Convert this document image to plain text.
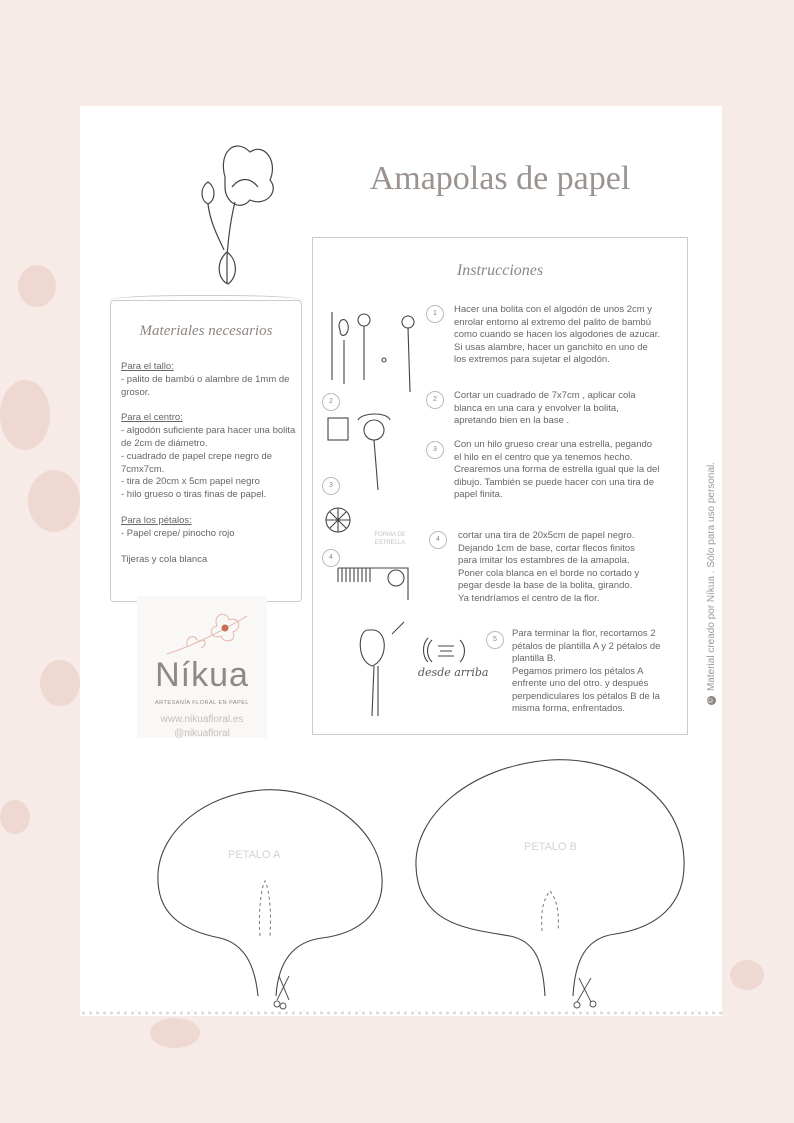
Amapolas de papel
Materiales necesarios

Para el tallo:
- palito de bambú o alambre de 1mm de grosor.

Para el centro:
- algodón suficiente para hacer una bolita de 2cm de diámetro.
- cuadrado de papel crepe negro de 7cmx7cm.
- tira de 20cm x 5cm papel negro
- hilo grueso o tiras finas de papel.

Para los pétalos:
- Papel crepe/ pinocho rojo

Tijeras y cola blanca

Instrucciones
2
3
4
FORMA DE ESTRELLA
desde arriba
1	Hacer una bolita con el algodón de unos 2cm y enrolar entorno al extremo del palito de bambú como cuando se hacen los algodones de azucar.
Si usas alambre, hacer un ganchito en uno de los extremos para sujetar el algodón.
2	Cortar un cuadrado de 7x7cm , aplicar cola blanca en una cara y envolver la bolita, apretando bien en la base .
3	Con un hilo grueso crear una estrella, pegando el hilo en el centro que ya tenemos hecho. Crearemos una forma de estrella igual que la del dibujo. También se puede hacer con una tira de papel finita.
4	cortar una tira de 20x5cm de papel negro. Dejando 1cm de base, cortar flecos finitos para imitar los estambres de la amapola. Poner cola blanca en el borde no cortado y pegar desde la base de la bolita, girando.
Ya tendríamos el centro de la flor.
5
Para terminar la flor, recortamos 2 pétalos de plantilla A y 2 pétalos de plantilla B.
Pegamos primero los pétalos A enfrente uno del otro. y después perpendiculares los pétalos B de la misma forma, enfrentados.
Níkua
ARTESANÍA FLORAL EN PAPEL
www.nikuafloral.es
@nikuafloral
©Material creado por Níkua . Sólo para uso personal.
PETALO A
PETALO B
